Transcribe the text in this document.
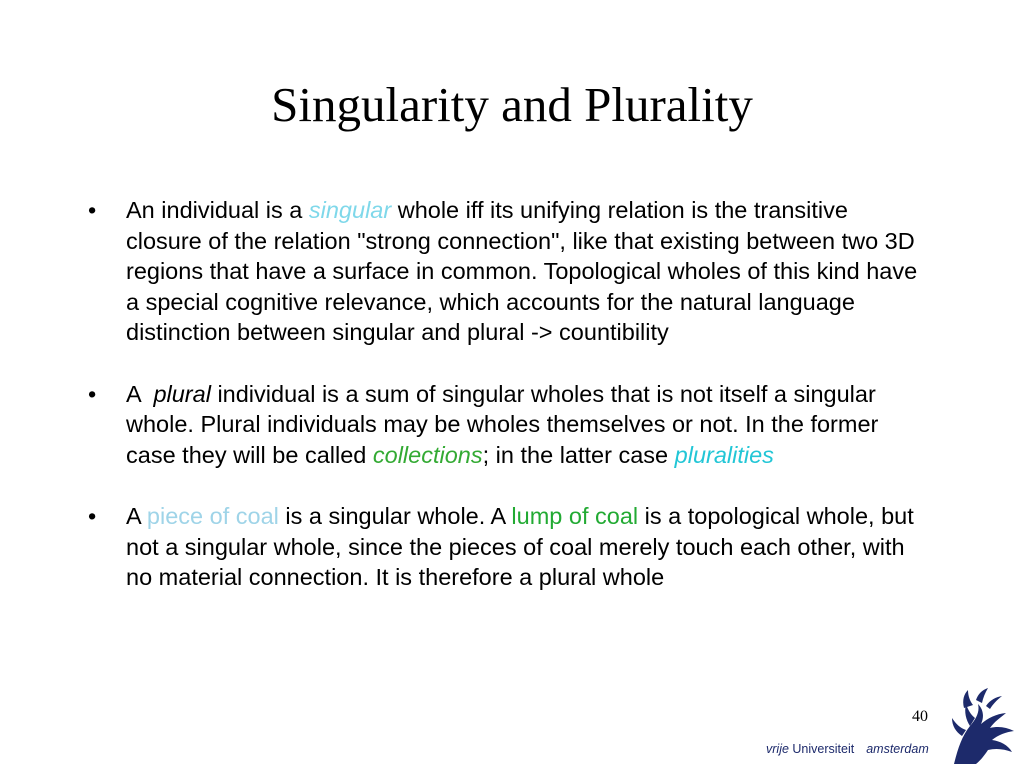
Singularity and Plurality
•	An individual is a singular whole iff its unifying relation is the transitive closure of the relation "strong connection", like that existing between two 3D regions that have a surface in common. Topological wholes of this kind have a special cognitive relevance, which accounts for the natural language distinction between singular and plural -> countibility
•	A  plural individual is a sum of singular wholes that is not itself a singular whole. Plural individuals may be wholes themselves or not. In the former case they will be called collections; in the latter case pluralities
•	A piece of coal is a singular whole. A lump of coal is a topological whole, but not a singular whole, since the pieces of coal merely touch each other, with no material connection. It is therefore a plural whole
40
vrije Universiteit amsterdam
